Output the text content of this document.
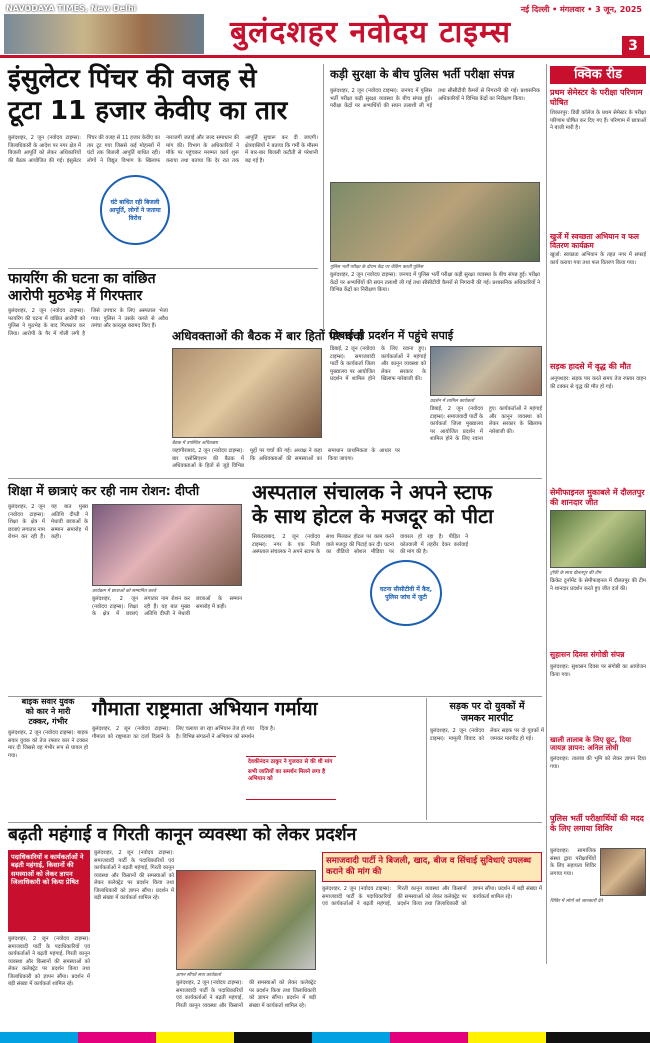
NAVODAYA TIMES, New Delhi	नई दिल्ली • मंगलवार • 3 जून, 2025
बुलंदशहर नवोदय टाइम्स	3
इंसुलेटर पिंचर की वजह से
टूटा 11 हजार केवीए का तार
बुलंदशहर, 2 जून (नवोदय टाइम्स): जिलाधिकारी के आदेश पर नगर क्षेत्र में बिजली आपूर्ति को लेकर अधिकारियों की बैठक आयोजित की गई। इंसुलेटर पिंचर की वजह से 11 हजार केवीए का तार टूट गया जिससे कई मोहल्लों में घंटों तक बिजली आपूर्ति बाधित रही। लोगों ने विद्युत विभाग के खिलाफ नाराजगी जताई और जल्द समाधान की मांग की। विभाग के अधिकारियों ने मौके पर पहुंचकर मरम्मत कार्य शुरू कराया तथा बताया कि देर रात तक आपूर्ति सुचारू कर दी जाएगी। क्षेत्रवासियों ने बताया कि गर्मी के मौसम में बार-बार बिजली कटौती से परेशानी बढ़ गई है।
घंटे बाधित रही बिजली आपूर्ति, लोगों ने जताया विरोध
कड़ी सुरक्षा के बीच पुलिस भर्ती परीक्षा संपन्न
बुलंदशहर, 2 जून (नवोदय टाइम्स): जनपद में पुलिस भर्ती परीक्षा कड़ी सुरक्षा व्यवस्था के बीच संपन्न हुई। परीक्षा केंद्रों पर अभ्यर्थियों की सघन तलाशी ली गई तथा सीसीटीवी कैमरों से निगरानी की गई। प्रशासनिक अधिकारियों ने विभिन्न केंद्रों का निरीक्षण किया।
पुलिस भर्ती परीक्षा के दौरान केंद्र पर चेकिंग करती पुलिस
बुलंदशहर, 2 जून (नवोदय टाइम्स): जनपद में पुलिस भर्ती परीक्षा कड़ी सुरक्षा व्यवस्था के बीच संपन्न हुई। परीक्षा केंद्रों पर अभ्यर्थियों की सघन तलाशी ली गई तथा सीसीटीवी कैमरों से निगरानी की गई। प्रशासनिक अधिकारियों ने विभिन्न केंद्रों का निरीक्षण किया।
फायरिंग की घटना का वांछित
आरोपी मुठभेड़ में गिरफ्तार
बुलंदशहर, 2 जून (नवोदय टाइम्स): फायरिंग की घटना में वांछित आरोपी को पुलिस ने मुठभेड़ के बाद गिरफ्तार कर लिया। आरोपी के पैर में गोली लगी है जिसे उपचार के लिए अस्पताल भेजा गया। पुलिस ने उसके कब्जे से अवैध तमंचा और कारतूस बरामद किए हैं।
अधिवक्ताओं की बैठक में बार हितों पर चर्चा
बैठक में उपस्थित अधिवक्ता
जहांगीराबाद, 2 जून (नवोदय टाइम्स): बार एसोसिएशन की बैठक में अधिवक्ताओं के हितों से जुड़े विभिन्न मुद्दों पर चर्चा की गई। अध्यक्ष ने कहा कि अधिवक्ताओं की समस्याओं का समाधान प्राथमिकता के आधार पर किया जाएगा।
डिबाई से प्रदर्शन में पहुंचे सपाई
प्रदर्शन में शामिल कार्यकर्ता
डिबाई, 2 जून (नवोदय टाइम्स): समाजवादी पार्टी के कार्यकर्ता जिला मुख्यालय पर आयोजित प्रदर्शन में शामिल होने के लिए रवाना हुए। कार्यकर्ताओं ने महंगाई और कानून व्यवस्था को लेकर सरकार के खिलाफ नारेबाजी की।
डिबाई, 2 जून (नवोदय टाइम्स): समाजवादी पार्टी के कार्यकर्ता जिला मुख्यालय पर आयोजित प्रदर्शन में शामिल होने के लिए रवाना हुए। कार्यकर्ताओं ने महंगाई और कानून व्यवस्था को लेकर सरकार के खिलाफ नारेबाजी की।
क्विक रीड
प्रथम सेमेस्टर के परीक्षा परिणाम घोषित
शिकारपुर: डिग्री कॉलेज के प्रथम सेमेस्टर के परीक्षा परिणाम घोषित कर दिए गए हैं। परिणाम में छात्राओं ने बाजी मारी है।
खुर्जे में स्वच्छता अभियान व फल वितरण कार्यक्रम
खुर्जा: स्वच्छता अभियान के तहत नगर में सफाई कार्य कराया गया तथा फल वितरण किया गया।
सड़क हादसे में वृद्ध की मौत
अनूपशहर: सड़क पार करते समय तेज रफ्तार वाहन की टक्कर से वृद्ध की मौत हो गई।
सेमीफाइनल मुकाबले में दौलतपुर की शानदार जीत
ट्रॉफी के साथ दौलतपुर की टीम
क्रिकेट टूर्नामेंट के सेमीफाइनल में दौलतपुर की टीम ने शानदार प्रदर्शन करते हुए जीत दर्ज की।
सुहासन दिवस संगोष्ठी संपन्न
बुलंदशहर: सुशासन दिवस पर संगोष्ठी का आयोजन किया गया।
खाली तालाब के लिए छूट, दिया जायज्ञ ज्ञापन: अनिल लोधी
बुलंदशहर: तालाब की भूमि को लेकर ज्ञापन दिया गया।
पुलिस भर्ती परीक्षार्थियों की मदद के लिए लगाया शिविर
शिविर में लोगों को जानकारी देते
बुलंदशहर: सामाजिक संस्था द्वारा परीक्षार्थियों के लिए सहायता शिविर लगाया गया।
शिक्षा में छात्राएं कर रही नाम रोशन: दीप्ती
बुलंदशहर, 2 जून (नवोदय टाइम्स): शिक्षा के क्षेत्र में छात्राएं लगातार नाम रोशन कर रही हैं। यह बात मुख्य अतिथि दीप्ती ने मेधावी छात्राओं के सम्मान समारोह में कही।
कार्यक्रम में छात्राओं को सम्मानित करते
बुलंदशहर, 2 जून (नवोदय टाइम्स): शिक्षा के क्षेत्र में छात्राएं लगातार नाम रोशन कर रही हैं। यह बात मुख्य अतिथि दीप्ती ने मेधावी छात्राओं के सम्मान समारोह में कही।
अस्पताल संचालक ने अपने स्टाफ
के साथ होटल के मजदूर को पीटा
सिकंदराबाद, 2 जून (नवोदय टाइम्स): नगर के एक निजी अस्पताल संचालक ने अपने स्टाफ के साथ मिलकर होटल पर काम करने वाले मजदूर की पिटाई कर दी। घटना का वीडियो सोशल मीडिया पर वायरल हो रहा है। पीड़ित ने कोतवाली में तहरीर देकर कार्रवाई की मांग की है।
घटना सीसीटीवी में कैद, पुलिस जांच में जुटी
बाइक सवार युवक
को कार ने मारी
टक्कर, गंभीर
बुलंदशहर, 2 जून (नवोदय टाइम्स): बाइक सवार युवक को तेज रफ्तार कार ने टक्कर मार दी जिससे वह गंभीर रूप से घायल हो गया।
गौमाता राष्ट्रमाता अभियान गर्माया
बुलंदशहर, 2 जून (नवोदय टाइम्स): गौमाता को राष्ट्रमाता का दर्जा दिलाने के लिए चलाया जा रहा अभियान तेज हो गया है। विभिन्न संगठनों ने अभियान को समर्थन दिया है।
देवकीनंदन ठाकुर ने गुजरात से की थी मांग
सभी जातियों का समर्थन मिलने लगा है अभियान को
सड़क पर दो युवकों में
जमकर मारपीट
बुलंदशहर, 2 जून (नवोदय टाइम्स): मामूली विवाद को लेकर सड़क पर दो युवकों में जमकर मारपीट हो गई।
बढ़ती महंगाई व गिरती कानून व्यवस्था को लेकर प्रदर्शन
पदाधिकारियों व कार्यकर्ताओं ने बढ़ती महंगाई, किसानों की समस्याओं को लेकर ज्ञापन जिलाधिकारी को किया प्रेषित
बुलंदशहर, 2 जून (नवोदय टाइम्स): समाजवादी पार्टी के पदाधिकारियों एवं कार्यकर्ताओं ने बढ़ती महंगाई, गिरती कानून व्यवस्था और किसानों की समस्याओं को लेकर कलेक्ट्रेट पर प्रदर्शन किया तथा जिलाधिकारी को ज्ञापन सौंपा। प्रदर्शन में बड़ी संख्या में कार्यकर्ता शामिल रहे।
बुलंदशहर, 2 जून (नवोदय टाइम्स): समाजवादी पार्टी के पदाधिकारियों एवं कार्यकर्ताओं ने बढ़ती महंगाई, गिरती कानून व्यवस्था और किसानों की समस्याओं को लेकर कलेक्ट्रेट पर प्रदर्शन किया तथा जिलाधिकारी को ज्ञापन सौंपा। प्रदर्शन में बड़ी संख्या में कार्यकर्ता शामिल रहे।
ज्ञापन सौंपते सपा कार्यकर्ता
बुलंदशहर, 2 जून (नवोदय टाइम्स): समाजवादी पार्टी के पदाधिकारियों एवं कार्यकर्ताओं ने बढ़ती महंगाई, गिरती कानून व्यवस्था और किसानों की समस्याओं को लेकर कलेक्ट्रेट पर प्रदर्शन किया तथा जिलाधिकारी को ज्ञापन सौंपा। प्रदर्शन में बड़ी संख्या में कार्यकर्ता शामिल रहे।
समाजवादी पार्टी ने बिजली, खाद, बीज व सिंचाई सुविधाएं उपलब्ध कराने की मांग की
बुलंदशहर, 2 जून (नवोदय टाइम्स): समाजवादी पार्टी के पदाधिकारियों एवं कार्यकर्ताओं ने बढ़ती महंगाई, गिरती कानून व्यवस्था और किसानों की समस्याओं को लेकर कलेक्ट्रेट पर प्रदर्शन किया तथा जिलाधिकारी को ज्ञापन सौंपा। प्रदर्शन में बड़ी संख्या में कार्यकर्ता शामिल रहे।
